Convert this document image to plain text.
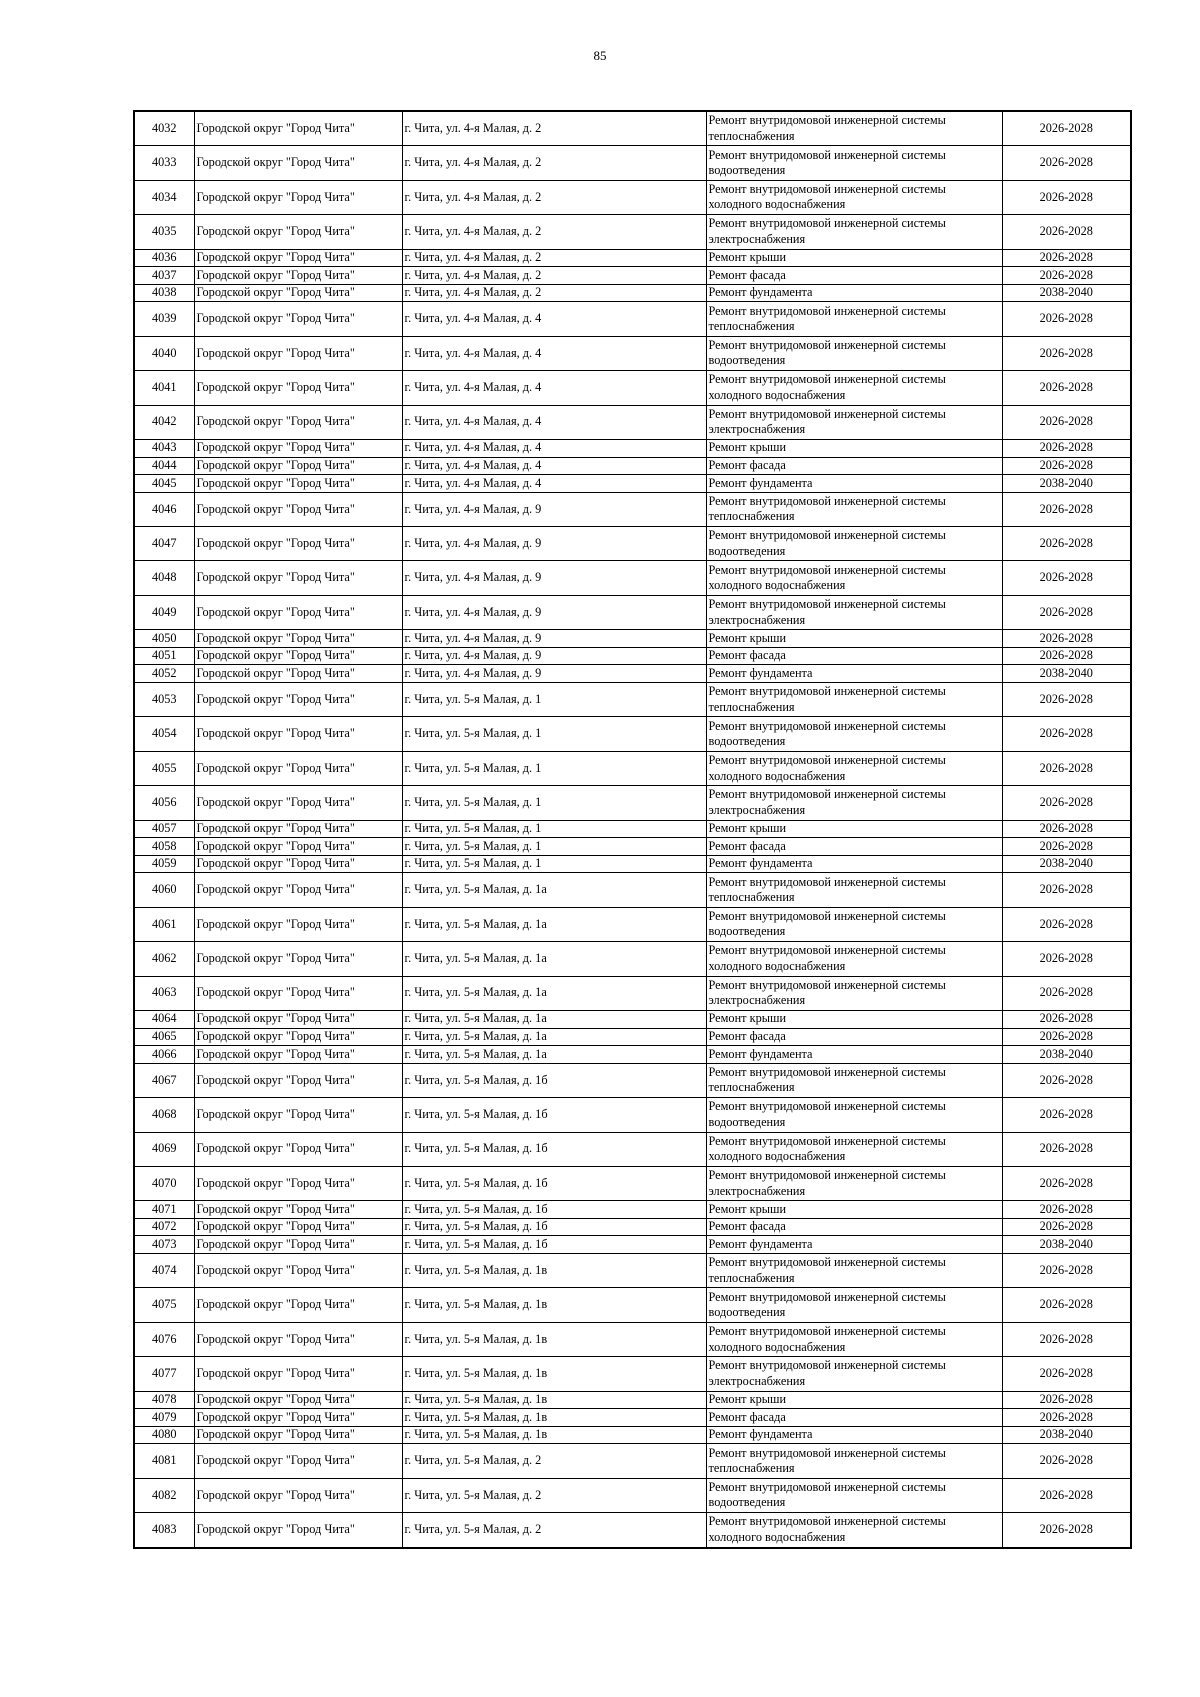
85
4032	Городской округ "Город Чита"	г. Чита, ул. 4-я Малая, д. 2	Ремонт внутридомовой инженерной системы теплоснабжения	2026-2028
4033	Городской округ "Город Чита"	г. Чита, ул. 4-я Малая, д. 2	Ремонт внутридомовой инженерной системы водоотведения	2026-2028
4034	Городской округ "Город Чита"	г. Чита, ул. 4-я Малая, д. 2	Ремонт внутридомовой инженерной системы холодного водоснабжения	2026-2028
4035	Городской округ "Город Чита"	г. Чита, ул. 4-я Малая, д. 2	Ремонт внутридомовой инженерной системы электроснабжения	2026-2028
4036	Городской округ "Город Чита"	г. Чита, ул. 4-я Малая, д. 2	Ремонт крыши	2026-2028
4037	Городской округ "Город Чита"	г. Чита, ул. 4-я Малая, д. 2	Ремонт фасада	2026-2028
4038	Городской округ "Город Чита"	г. Чита, ул. 4-я Малая, д. 2	Ремонт фундамента	2038-2040
4039	Городской округ "Город Чита"	г. Чита, ул. 4-я Малая, д. 4	Ремонт внутридомовой инженерной системы теплоснабжения	2026-2028
4040	Городской округ "Город Чита"	г. Чита, ул. 4-я Малая, д. 4	Ремонт внутридомовой инженерной системы водоотведения	2026-2028
4041	Городской округ "Город Чита"	г. Чита, ул. 4-я Малая, д. 4	Ремонт внутридомовой инженерной системы холодного водоснабжения	2026-2028
4042	Городской округ "Город Чита"	г. Чита, ул. 4-я Малая, д. 4	Ремонт внутридомовой инженерной системы электроснабжения	2026-2028
4043	Городской округ "Город Чита"	г. Чита, ул. 4-я Малая, д. 4	Ремонт крыши	2026-2028
4044	Городской округ "Город Чита"	г. Чита, ул. 4-я Малая, д. 4	Ремонт фасада	2026-2028
4045	Городской округ "Город Чита"	г. Чита, ул. 4-я Малая, д. 4	Ремонт фундамента	2038-2040
4046	Городской округ "Город Чита"	г. Чита, ул. 4-я Малая, д. 9	Ремонт внутридомовой инженерной системы теплоснабжения	2026-2028
4047	Городской округ "Город Чита"	г. Чита, ул. 4-я Малая, д. 9	Ремонт внутридомовой инженерной системы водоотведения	2026-2028
4048	Городской округ "Город Чита"	г. Чита, ул. 4-я Малая, д. 9	Ремонт внутридомовой инженерной системы холодного водоснабжения	2026-2028
4049	Городской округ "Город Чита"	г. Чита, ул. 4-я Малая, д. 9	Ремонт внутридомовой инженерной системы электроснабжения	2026-2028
4050	Городской округ "Город Чита"	г. Чита, ул. 4-я Малая, д. 9	Ремонт крыши	2026-2028
4051	Городской округ "Город Чита"	г. Чита, ул. 4-я Малая, д. 9	Ремонт фасада	2026-2028
4052	Городской округ "Город Чита"	г. Чита, ул. 4-я Малая, д. 9	Ремонт фундамента	2038-2040
4053	Городской округ "Город Чита"	г. Чита, ул. 5-я Малая, д. 1	Ремонт внутридомовой инженерной системы теплоснабжения	2026-2028
4054	Городской округ "Город Чита"	г. Чита, ул. 5-я Малая, д. 1	Ремонт внутридомовой инженерной системы водоотведения	2026-2028
4055	Городской округ "Город Чита"	г. Чита, ул. 5-я Малая, д. 1	Ремонт внутридомовой инженерной системы холодного водоснабжения	2026-2028
4056	Городской округ "Город Чита"	г. Чита, ул. 5-я Малая, д. 1	Ремонт внутридомовой инженерной системы электроснабжения	2026-2028
4057	Городской округ "Город Чита"	г. Чита, ул. 5-я Малая, д. 1	Ремонт крыши	2026-2028
4058	Городской округ "Город Чита"	г. Чита, ул. 5-я Малая, д. 1	Ремонт фасада	2026-2028
4059	Городской округ "Город Чита"	г. Чита, ул. 5-я Малая, д. 1	Ремонт фундамента	2038-2040
4060	Городской округ "Город Чита"	г. Чита, ул. 5-я Малая, д. 1а	Ремонт внутридомовой инженерной системы теплоснабжения	2026-2028
4061	Городской округ "Город Чита"	г. Чита, ул. 5-я Малая, д. 1а	Ремонт внутридомовой инженерной системы водоотведения	2026-2028
4062	Городской округ "Город Чита"	г. Чита, ул. 5-я Малая, д. 1а	Ремонт внутридомовой инженерной системы холодного водоснабжения	2026-2028
4063	Городской округ "Город Чита"	г. Чита, ул. 5-я Малая, д. 1а	Ремонт внутридомовой инженерной системы электроснабжения	2026-2028
4064	Городской округ "Город Чита"	г. Чита, ул. 5-я Малая, д. 1а	Ремонт крыши	2026-2028
4065	Городской округ "Город Чита"	г. Чита, ул. 5-я Малая, д. 1а	Ремонт фасада	2026-2028
4066	Городской округ "Город Чита"	г. Чита, ул. 5-я Малая, д. 1а	Ремонт фундамента	2038-2040
4067	Городской округ "Город Чита"	г. Чита, ул. 5-я Малая, д. 1б	Ремонт внутридомовой инженерной системы теплоснабжения	2026-2028
4068	Городской округ "Город Чита"	г. Чита, ул. 5-я Малая, д. 1б	Ремонт внутридомовой инженерной системы водоотведения	2026-2028
4069	Городской округ "Город Чита"	г. Чита, ул. 5-я Малая, д. 1б	Ремонт внутридомовой инженерной системы холодного водоснабжения	2026-2028
4070	Городской округ "Город Чита"	г. Чита, ул. 5-я Малая, д. 1б	Ремонт внутридомовой инженерной системы электроснабжения	2026-2028
4071	Городской округ "Город Чита"	г. Чита, ул. 5-я Малая, д. 1б	Ремонт крыши	2026-2028
4072	Городской округ "Город Чита"	г. Чита, ул. 5-я Малая, д. 1б	Ремонт фасада	2026-2028
4073	Городской округ "Город Чита"	г. Чита, ул. 5-я Малая, д. 1б	Ремонт фундамента	2038-2040
4074	Городской округ "Город Чита"	г. Чита, ул. 5-я Малая, д. 1в	Ремонт внутридомовой инженерной системы теплоснабжения	2026-2028
4075	Городской округ "Город Чита"	г. Чита, ул. 5-я Малая, д. 1в	Ремонт внутридомовой инженерной системы водоотведения	2026-2028
4076	Городской округ "Город Чита"	г. Чита, ул. 5-я Малая, д. 1в	Ремонт внутридомовой инженерной системы холодного водоснабжения	2026-2028
4077	Городской округ "Город Чита"	г. Чита, ул. 5-я Малая, д. 1в	Ремонт внутридомовой инженерной системы электроснабжения	2026-2028
4078	Городской округ "Город Чита"	г. Чита, ул. 5-я Малая, д. 1в	Ремонт крыши	2026-2028
4079	Городской округ "Город Чита"	г. Чита, ул. 5-я Малая, д. 1в	Ремонт фасада	2026-2028
4080	Городской округ "Город Чита"	г. Чита, ул. 5-я Малая, д. 1в	Ремонт фундамента	2038-2040
4081	Городской округ "Город Чита"	г. Чита, ул. 5-я Малая, д. 2	Ремонт внутридомовой инженерной системы теплоснабжения	2026-2028
4082	Городской округ "Город Чита"	г. Чита, ул. 5-я Малая, д. 2	Ремонт внутридомовой инженерной системы водоотведения	2026-2028
4083	Городской округ "Город Чита"	г. Чита, ул. 5-я Малая, д. 2	Ремонт внутридомовой инженерной системы холодного водоснабжения	2026-2028
